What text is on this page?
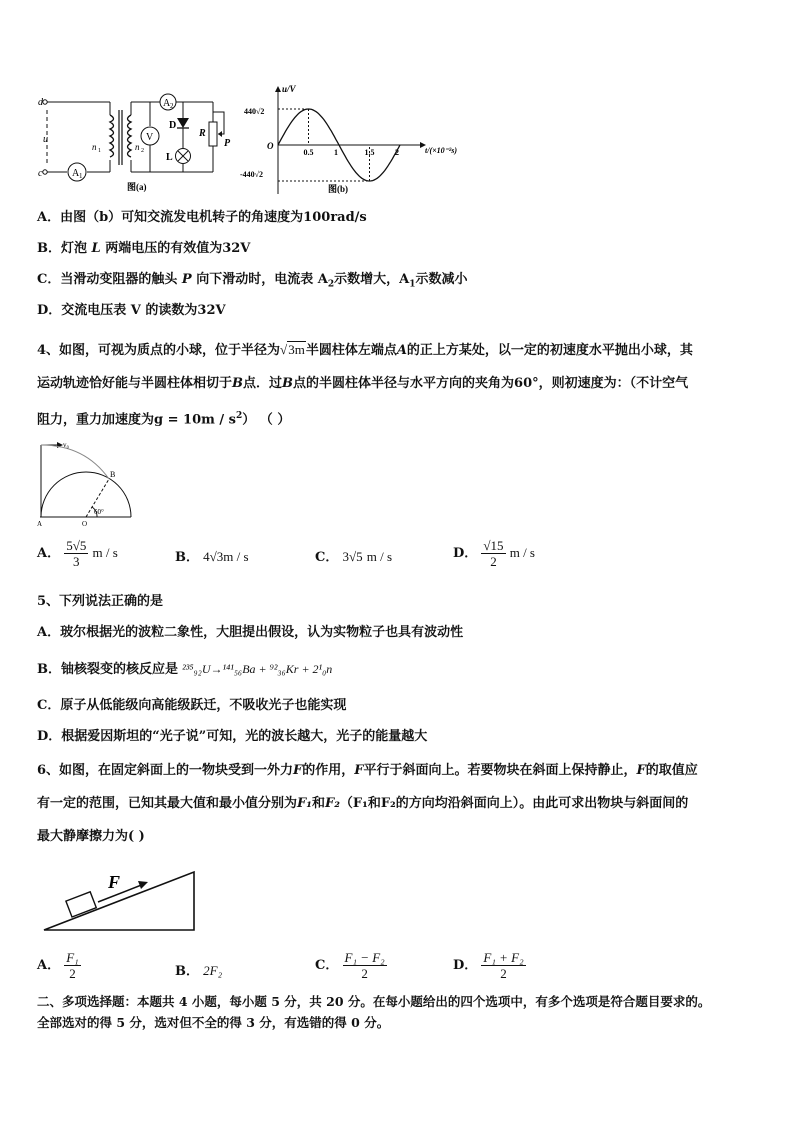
A 1
A 2
V
D
L
R
P
d
c
u
n 1	n 2
图(a)
u/V
t/(×10⁻²s)
O
440√2
-440√2
0.5	1	1.5	2
图(b)
A．由图（b）可知交流发电机转子的角速度为100rad/s
B．灯泡 L 两端电压的有效值为32V
C．当滑动变阻器的触头 P 向下滑动时，电流表 $A_2$示数增大，$A_1$示数减小
D．交流电压表 V 的读数为32V
4、如图，可视为质点的小球，位于半径为√3m半圆柱体左端点A的正上方某处，以一定的初速度水平抛出小球，其
运动轨迹恰好能与半圆柱体相切于B点．过B点的半圆柱体半径与水平方向的夹角为60°，则初速度为：（不计空气
阻力，重力加速度为$g = 10m / s^2$） （ ）
v₀
B
A	O
60°
A． $\frac{5√5}{3}$ m / s	B． 4√3m / s	C． 3√5 m / s	D． $\frac{√15}{2}$ m / s
5、下列说法正确的是
A．玻尔根据光的波粒二象性，大胆提出假设，认为实物粒子也具有波动性
B．铀核裂变的核反应是 ²³⁵₉₂U→¹⁴¹₅₆Ba + ⁹²₃₆Kr + 2¹₀n
C．原子从低能级向高能级跃迁，不吸收光子也能实现
D．根据爱因斯坦的“光子说”可知，光的波长越大，光子的能量越大
6、如图，在固定斜面上的一物块受到一外力F的作用，F平行于斜面向上。若要物块在斜面上保持静止，F的取值应
有一定的范围，已知其最大值和最小值分别为F₁和F₂（F₁和F₂的方向均沿斜面向上）。由此可求出物块与斜面间的
最大静摩擦力为( )
F
A． $\frac{\text{F₁}}{2}$	B． 2F₂	C． $\frac{\text{F₁ − F₂}}{2}$	D． $\frac{\text{F₁ + F₂}}{2}$
二、多项选择题：本题共 4 小题，每小题 5 分，共 20 分。在每小题给出的四个选项中，有多个选项是符合题目要求的。
全部选对的得 5 分，选对但不全的得 3 分，有选错的得 0 分。
